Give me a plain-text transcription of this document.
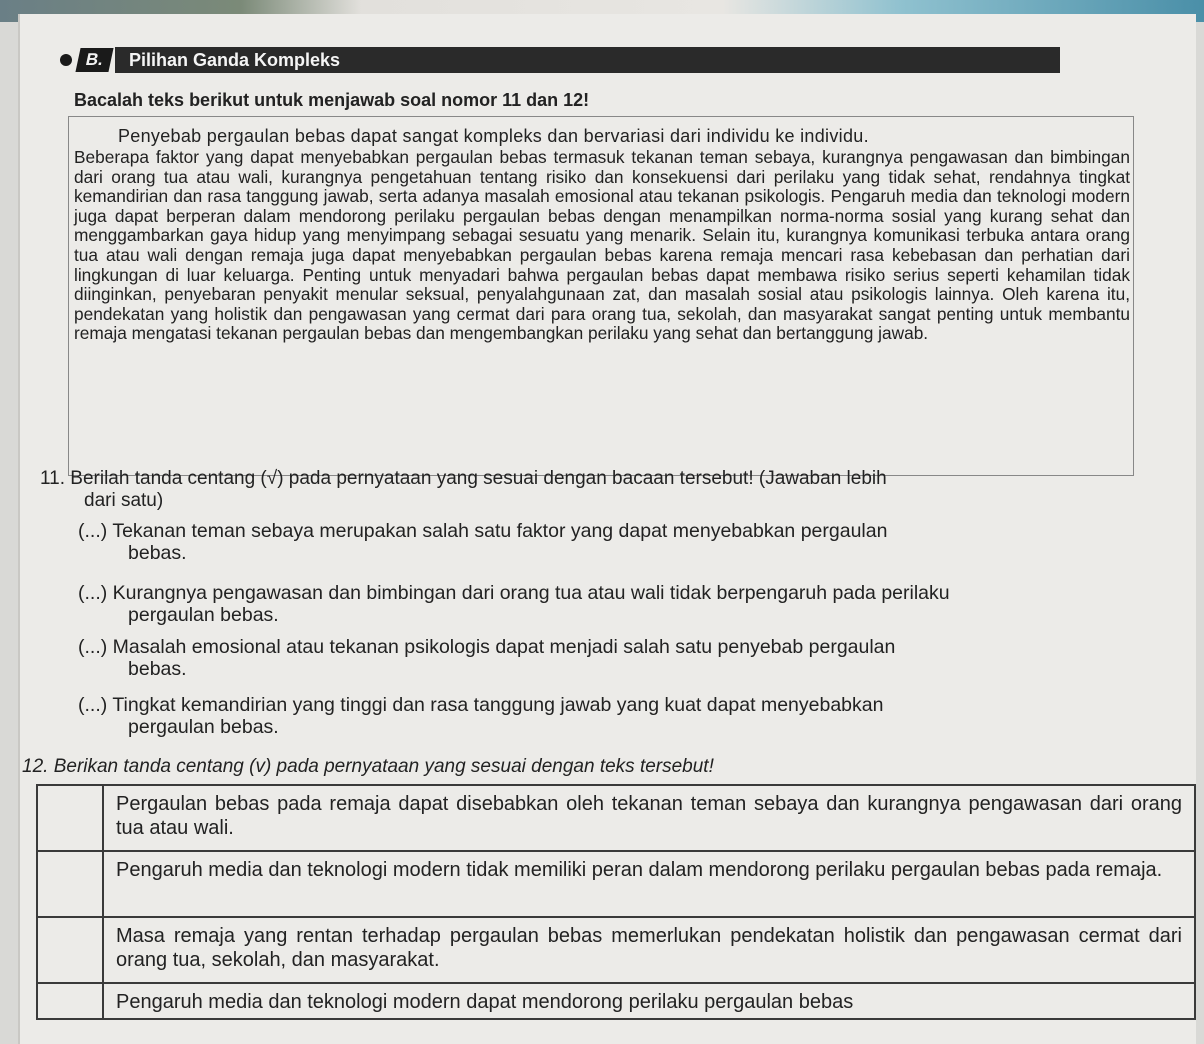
B.	Pilihan Ganda Kompleks
Bacalah teks berikut untuk menjawab soal nomor 11 dan 12!
Penyebab pergaulan bebas dapat sangat kompleks dan bervariasi dari individu ke individu.
Beberapa faktor yang dapat menyebabkan pergaulan bebas termasuk tekanan teman sebaya, kurangnya pengawasan dan bimbingan dari orang tua atau wali, kurangnya pengetahuan tentang risiko dan konsekuensi dari perilaku yang tidak sehat, rendahnya tingkat kemandirian dan rasa tanggung jawab, serta adanya masalah emosional atau tekanan psikologis. Pengaruh media dan teknologi modern juga dapat berperan dalam mendorong perilaku pergaulan bebas dengan menampilkan norma-norma sosial yang kurang sehat dan menggambarkan gaya hidup yang menyimpang sebagai sesuatu yang menarik. Selain itu, kurangnya komunikasi terbuka antara orang tua atau wali dengan remaja juga dapat menyebabkan pergaulan bebas karena remaja mencari rasa kebebasan dan perhatian dari lingkungan di luar keluarga. Penting untuk menyadari bahwa pergaulan bebas dapat membawa risiko serius seperti kehamilan tidak diinginkan, penyebaran penyakit menular seksual, penyalahgunaan zat, dan masalah sosial atau psikologis lainnya. Oleh karena itu, pendekatan yang holistik dan pengawasan yang cermat dari para orang tua, sekolah, dan masyarakat sangat penting untuk membantu remaja mengatasi tekanan pergaulan bebas dan mengembangkan perilaku yang sehat dan bertanggung jawab.
11. Berilah tanda centang (√) pada pernyataan yang sesuai dengan bacaan tersebut! (Jawaban lebih
dari satu)
(...) Tekanan teman sebaya merupakan salah satu faktor yang dapat menyebabkan pergaulan
bebas.
(...) Kurangnya pengawasan dan bimbingan dari orang tua atau wali tidak berpengaruh pada perilaku
pergaulan bebas.
(...) Masalah emosional atau tekanan psikologis dapat menjadi salah satu penyebab pergaulan
bebas.
(...) Tingkat kemandirian yang tinggi dan rasa tanggung jawab yang kuat dapat menyebabkan
pergaulan bebas.
12. Berikan tanda centang (v) pada pernyataan yang sesuai dengan teks tersebut!
	Pergaulan bebas pada remaja dapat disebabkan oleh tekanan teman sebaya dan kurangnya pengawasan dari orang tua atau wali.
	Pengaruh media dan teknologi modern tidak memiliki peran dalam mendorong perilaku pergaulan bebas pada remaja.
	Masa remaja yang rentan terhadap pergaulan bebas memerlukan pendekatan holistik dan pengawasan cermat dari orang tua, sekolah, dan masyarakat.
	Pengaruh media dan teknologi modern dapat mendorong perilaku pergaulan bebas
